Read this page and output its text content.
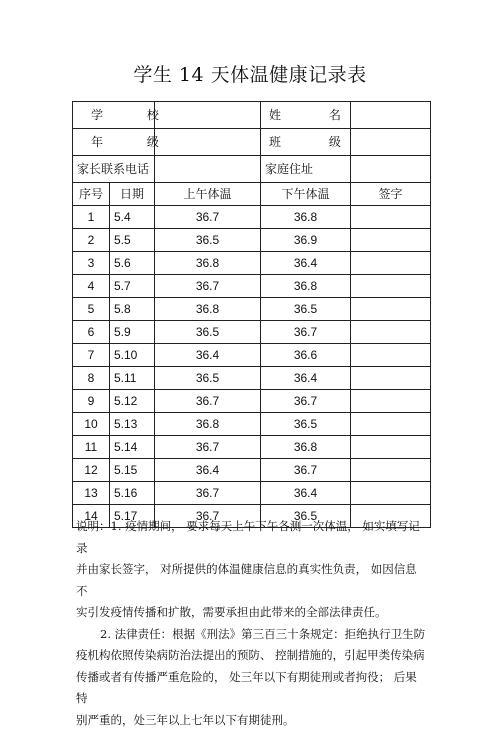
学生 14 天体温健康记录表
学 校			姓 名	
年 级			班 级	
家长联系电话			家庭住址	
序号	日期	上午体温	下午体温	签字
1	5.4	36.7	36.8	
2	5.5	36.5	36.9	
3	5.6	36.8	36.4	
4	5.7	36.7	36.8	
5	5.8	36.8	36.5	
6	5.9	36.5	36.7	
7	5.10	36.4	36.6	
8	5.11	36.5	36.4	
9	5.12	36.7	36.7	
10	5.13	36.8	36.5	
11	5.14	36.7	36.8	
12	5.15	36.4	36.7	
13	5.16	36.7	36.4	
14	5.17	36.7	36.5	

说明：1. 疫情期间， 要求每天上午下午各测一次体温， 如实填写记录

并由家长签字， 对所提供的体温健康信息的真实性负责， 如因信息不

实引发疫情传播和扩散，需要承担由此带来的全部法律责任。

2. 法律责任：根据《刑法》第三百三十条规定：拒绝执行卫生防

疫机构依照传染病防治法提出的预防、 控制措施的，引起甲类传染病

传播或者有传播严重危险的， 处三年以下有期徒刑或者拘役； 后果特

别严重的，处三年以上七年以下有期徒刑。
